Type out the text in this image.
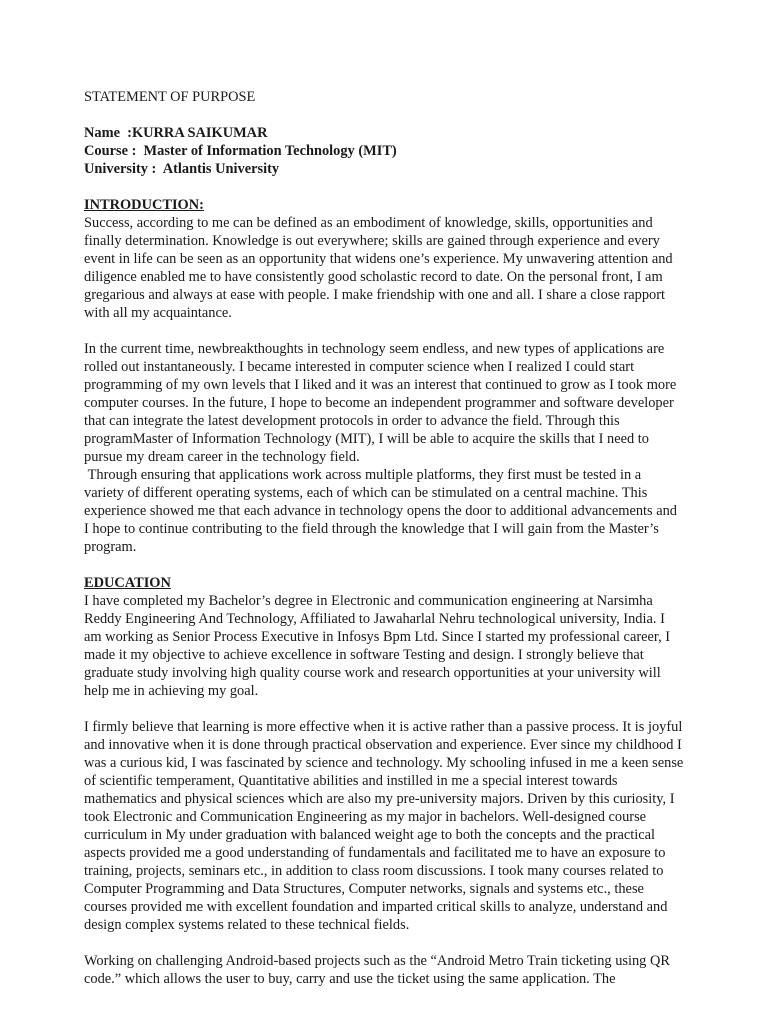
STATEMENT OF PURPOSE

Name  :KURRA SAIKUMAR
Course :  Master of Information Technology (MIT)
University :  Atlantis University

INTRODUCTION:

Success, according to me can be defined as an embodiment of knowledge, skills, opportunities and finally determination. Knowledge is out everywhere; skills are gained through experience and every event in life can be seen as an opportunity that widens one’s experience. My unwavering attention and diligence enabled me to have consistently good scholastic record to date. On the personal front, I am gregarious and always at ease with people. I make friendship with one and all. I share a close rapport with all my acquaintance.

In the current time, newbreakthoughts in technology seem endless, and new types of applications are rolled out instantaneously. I became interested in computer science when I realized I could start programming of my own levels that I liked and it was an interest that continued to grow as I took more computer courses. In the future, I hope to become an independent programmer and software developer that can integrate the latest development protocols in order to advance the field. Through this programMaster of Information Technology (MIT), I will be able to acquire the skills that I need to pursue my dream career in the technology field.

Through ensuring that applications work across multiple platforms, they first must be tested in a variety of different operating systems, each of which can be stimulated on a central machine. This experience showed me that each advance in technology opens the door to additional advancements and I hope to continue contributing to the field through the knowledge that I will gain from the Master’s program.

EDUCATION

I have completed my Bachelor’s degree in Electronic and communication engineering at Narsimha Reddy Engineering And Technology, Affiliated to Jawaharlal Nehru technological university, India. I am working as Senior Process Executive in Infosys Bpm Ltd. Since I started my professional career, I made it my objective to achieve excellence in software Testing and design. I strongly believe that graduate study involving high quality course work and research opportunities at your university will help me in achieving my goal.

I firmly believe that learning is more effective when it is active rather than a passive process. It is joyful and innovative when it is done through practical observation and experience. Ever since my childhood I was a curious kid, I was fascinated by science and technology. My schooling infused in me a keen sense of scientific temperament, Quantitative abilities and instilled in me a special interest towards mathematics and physical sciences which are also my pre-university majors. Driven by this curiosity, I took Electronic and Communication Engineering as my major in bachelors. Well-designed course curriculum in My under graduation with balanced weight age to both the concepts and the practical aspects provided me a good understanding of fundamentals and facilitated me to have an exposure to training, projects, seminars etc., in addition to class room discussions. I took many courses related to Computer Programming and Data Structures, Computer networks, signals and systems etc., these courses provided me with excellent foundation and imparted critical skills to analyze, understand and design complex systems related to these technical fields.

Working on challenging Android-based projects such as the “Android Metro Train ticketing using QR code.” which allows the user to buy, carry and use the ticket using the same application. The
